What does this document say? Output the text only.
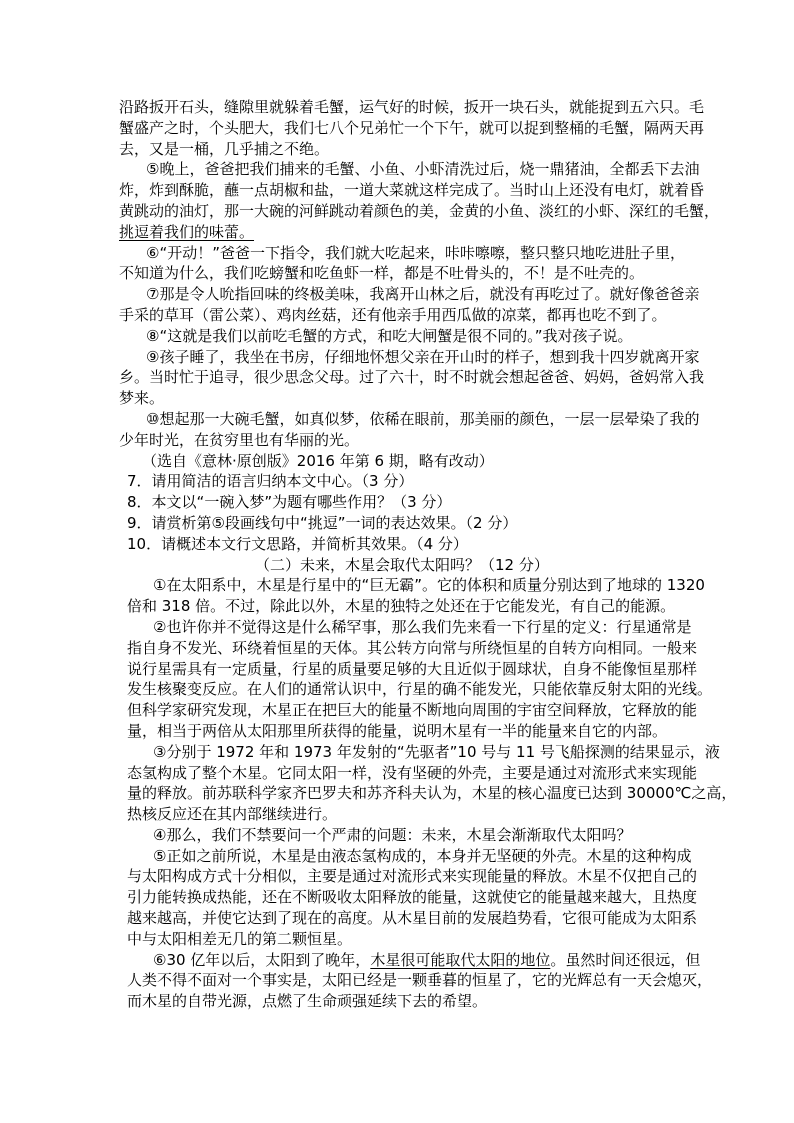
沿路扳开石头，缝隙里就躲着毛蟹，运气好的时候，扳开一块石头，就能捉到五六只。毛
蟹盛产之时，个头肥大，我们七八个兄弟忙一个下午，就可以捉到整桶的毛蟹，隔两天再
去，又是一桶，几乎捕之不绝。
⑤晚上，爸爸把我们捕来的毛蟹、小鱼、小虾清洗过后，烧一鼎猪油，全都丢下去油
炸，炸到酥脆，蘸一点胡椒和盐，一道大菜就这样完成了。当时山上还没有电灯，就着昏
黄跳动的油灯，那一大碗的河鲜跳动着颜色的美，金黄的小鱼、淡红的小虾、深红的毛蟹，
挑逗着我们的味蕾。
⑥“开动！”爸爸一下指令，我们就大吃起来，咔咔嚓嚓，整只整只地吃进肚子里，
不知道为什么，我们吃螃蟹和吃鱼虾一样，都是不吐骨头的，不！是不吐壳的。
⑦那是令人吮指回味的终极美味，我离开山林之后，就没有再吃过了。就好像爸爸亲
手采的草耳（雷公菜）、鸡肉丝菇，还有他亲手用西瓜做的凉菜，都再也吃不到了。
⑧“这就是我们以前吃毛蟹的方式，和吃大闸蟹是很不同的。”我对孩子说。
⑨孩子睡了，我坐在书房，仔细地怀想父亲在开山时的样子，想到我十四岁就离开家
乡。当时忙于追寻，很少思念父母。过了六十，时不时就会想起爸爸、妈妈，爸妈常入我
梦来。
⑩想起那一大碗毛蟹，如真似梦，依稀在眼前，那美丽的颜色，一层一层晕染了我的
少年时光，在贫穷里也有华丽的光。
（选自《意林·原创版》2016 年第 6 期，略有改动）
7．请用简洁的语言归纳本文中心。（3 分）
8．本文以“一碗入梦”为题有哪些作用？（3 分）
9．请赏析第⑤段画线句中“挑逗”一词的表达效果。（2 分）
10．请概述本文行文思路，并简析其效果。（4 分）
（二）未来，木星会取代太阳吗？（12 分）
①在太阳系中，木星是行星中的“巨无霸”。它的体积和质量分别达到了地球的 1320
倍和 318 倍。不过，除此以外，木星的独特之处还在于它能发光，有自己的能源。
②也许你并不觉得这是什么稀罕事，那么我们先来看一下行星的定义：行星通常是
指自身不发光、环绕着恒星的天体。其公转方向常与所绕恒星的自转方向相同。一般来
说行星需具有一定质量，行星的质量要足够的大且近似于圆球状，自身不能像恒星那样
发生核聚变反应。在人们的通常认识中，行星的确不能发光，只能依靠反射太阳的光线。
但科学家研究发现，木星正在把巨大的能量不断地向周围的宇宙空间释放，它释放的能
量，相当于两倍从太阳那里所获得的能量，说明木星有一半的能量来自它的内部。
③分别于 1972 年和 1973 年发射的“先驱者”10 号与 11 号飞船探测的结果显示，液
态氢构成了整个木星。它同太阳一样，没有坚硬的外壳，主要是通过对流形式来实现能
量的释放。前苏联科学家齐巴罗夫和苏齐科夫认为，木星的核心温度已达到 30000℃之高，
热核反应还在其内部继续进行。
④那么，我们不禁要问一个严肃的问题：未来，木星会渐渐取代太阳吗？
⑤正如之前所说，木星是由液态氢构成的，本身并无坚硬的外壳。木星的这种构成
与太阳构成方式十分相似，主要是通过对流形式来实现能量的释放。木星不仅把自己的
引力能转换成热能，还在不断吸收太阳释放的能量，这就使它的能量越来越大，且热度
越来越高，并使它达到了现在的高度。从木星目前的发展趋势看，它很可能成为太阳系
中与太阳相差无几的第二颗恒星。
⑥30 亿年以后，太阳到了晚年，木星很可能取代太阳的地位。虽然时间还很远，但
人类不得不面对一个事实是，太阳已经是一颗垂暮的恒星了，它的光辉总有一天会熄灭，
而木星的自带光源，点燃了生命顽强延续下去的希望。
